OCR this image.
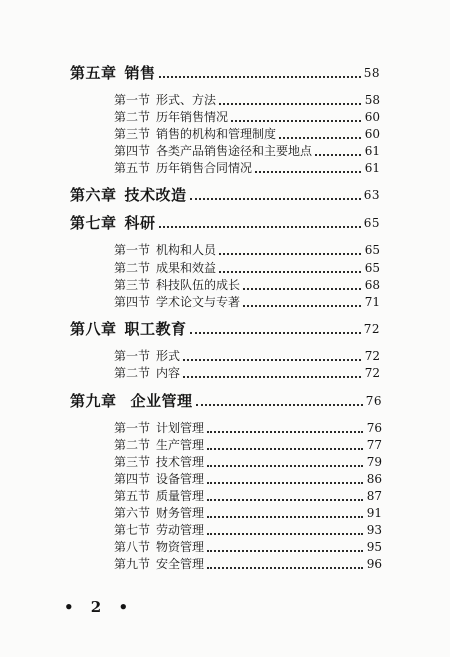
第五章 销售	58
第一节 形式、方法	58
第二节 历年销售情况	60
第三节 销售的机构和管理制度	60
第四节 各类产品销售途径和主要地点	61
第五节 历年销售合同情况	61
第六章 技术改造	63
第七章 科研	65
第一节 机构和人员	65
第二节 成果和效益	65
第三节 科技队伍的成长	68
第四节 学术论文与专著	71
第八章 职工教育	72
第一节 形式	72
第二节 内容	72
第九章 企业管理	76
第一节 计划管理	76
第二节 生产管理	77
第三节 技术管理	79
第四节 设备管理	86
第五节 质量管理	87
第六节 财务管理	91
第七节 劳动管理	93
第八节 物资管理	95
第九节 安全管理	96
• 2 •
